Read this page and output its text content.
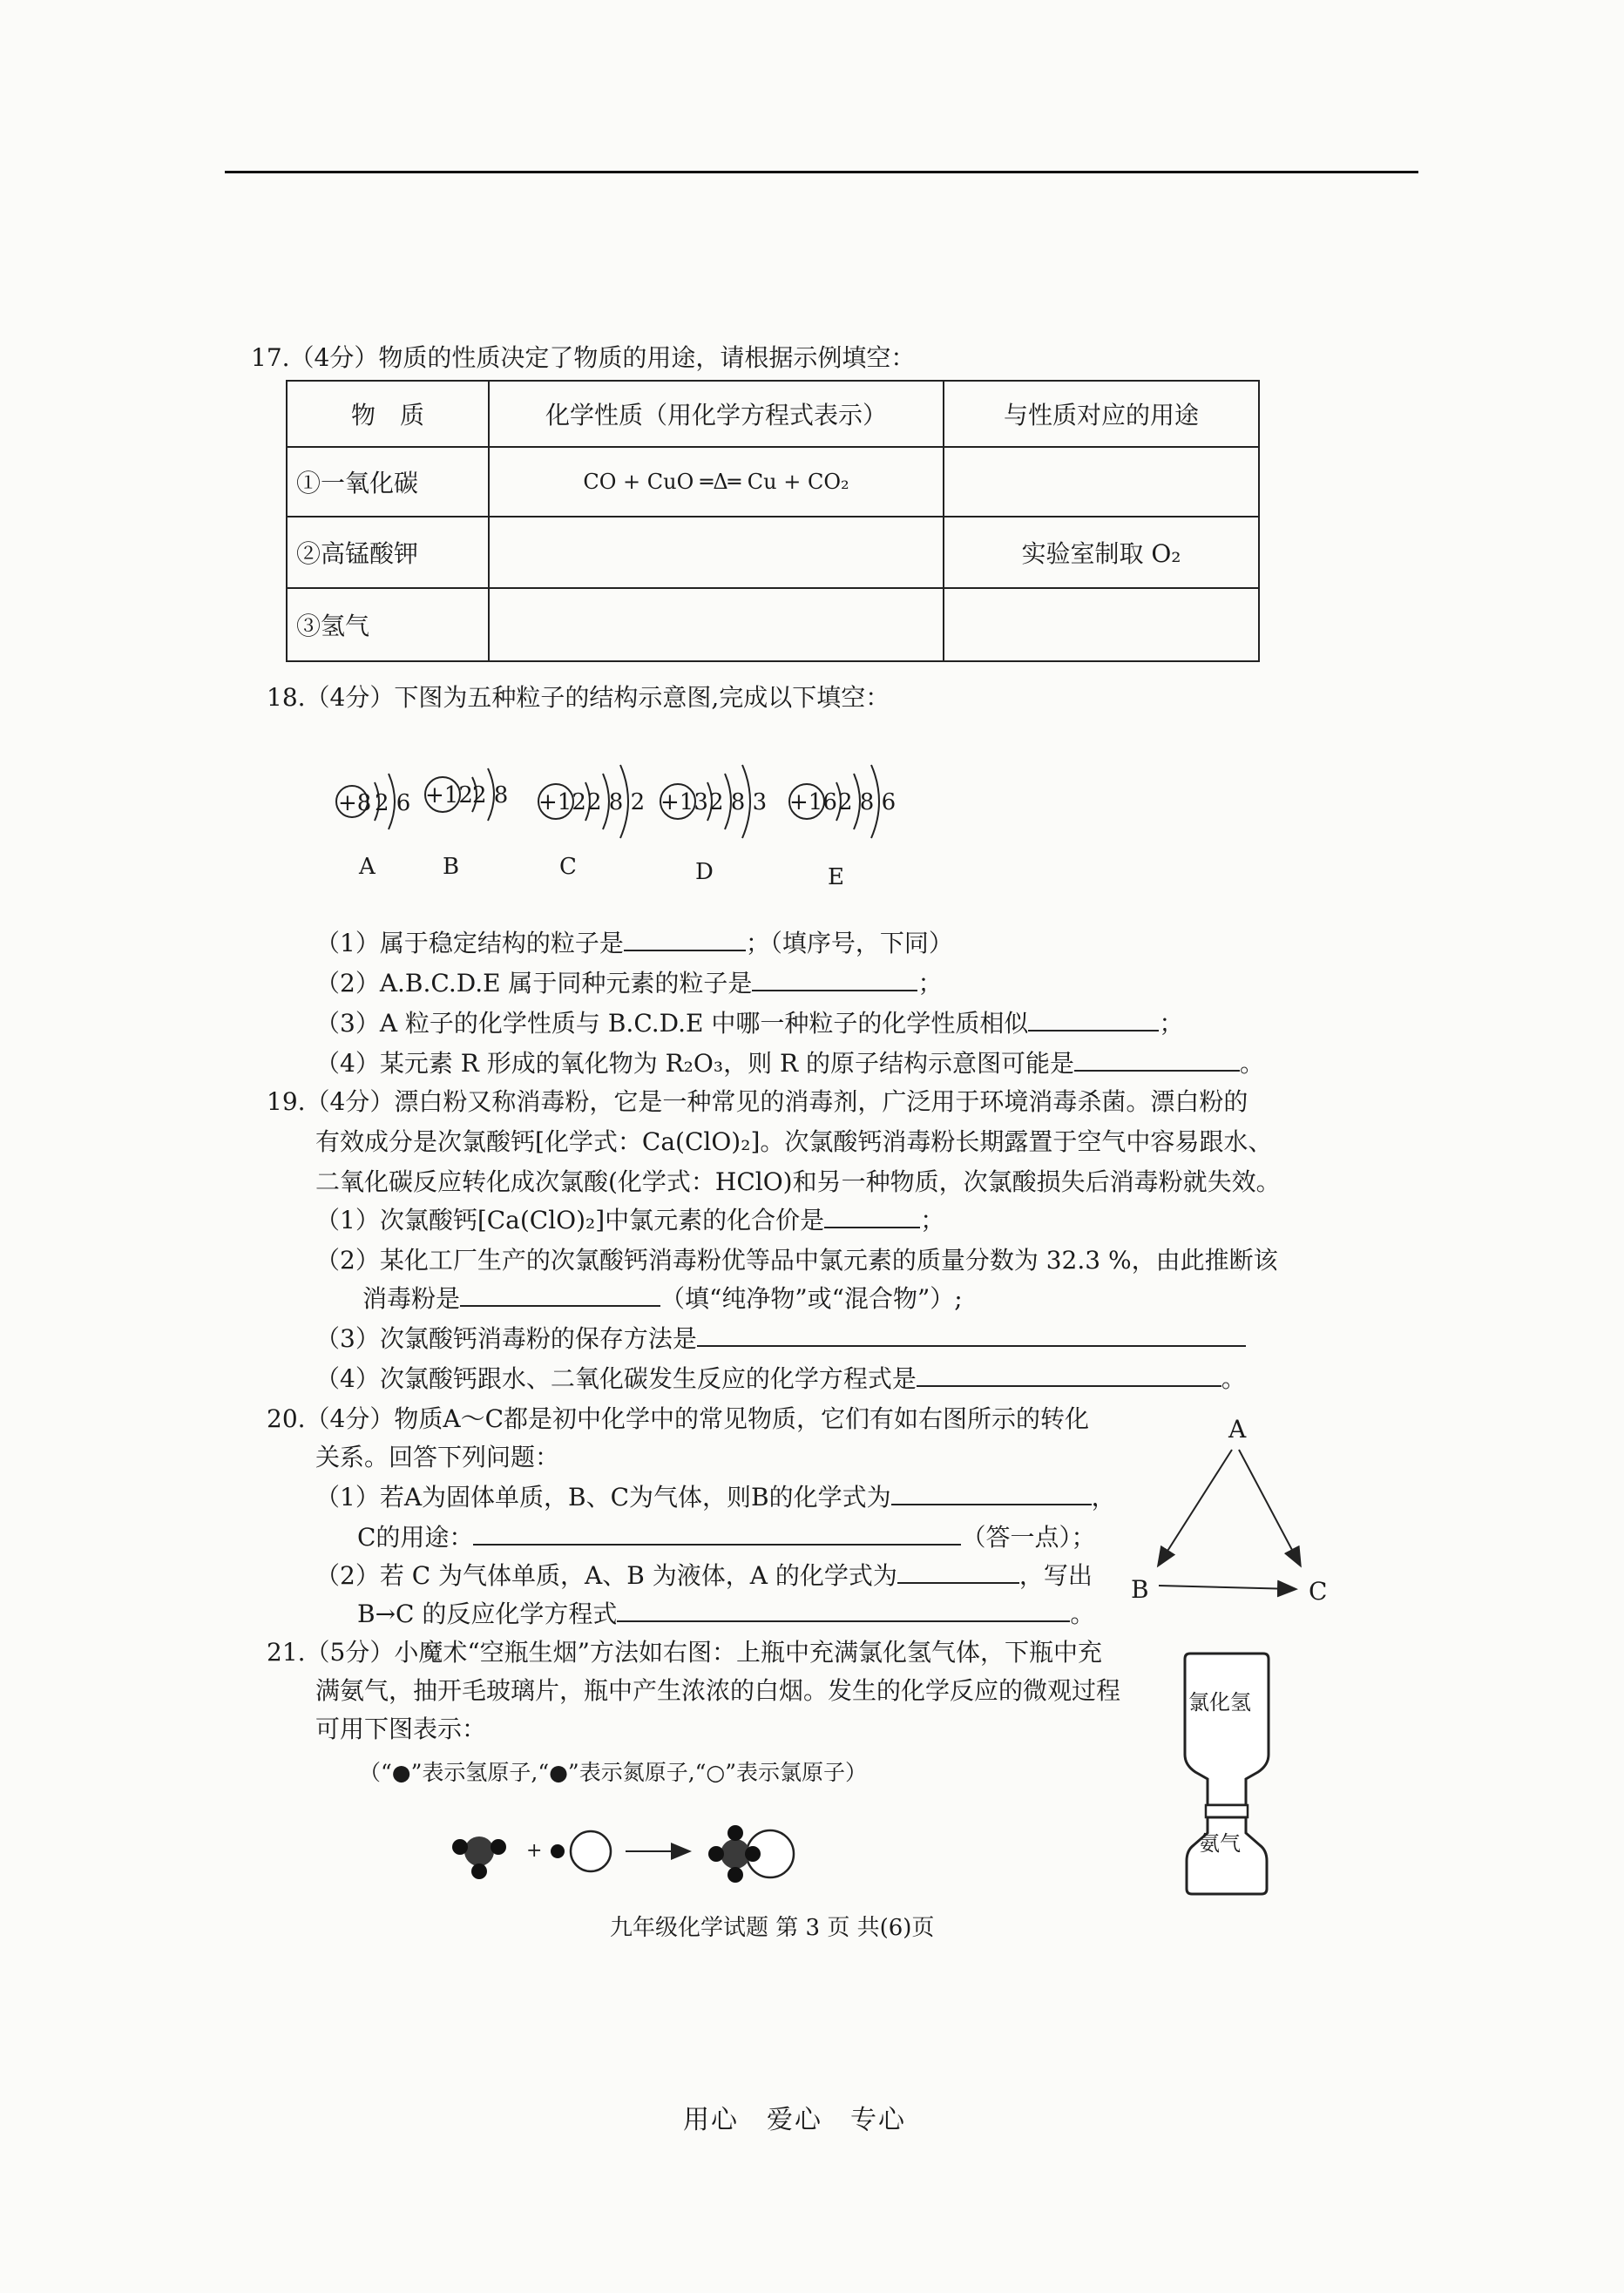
17.（4分）物质的性质决定了物质的用途，请根据示例填空：
物　质	化学性质（用化学方程式表示）	与性质对应的用途
①一氧化碳	CO + CuO ═Δ═ Cu + CO₂	
②高锰酸钾		实验室制取 O₂
③氢气		
18.（4分）下图为五种粒子的结构示意图,完成以下填空：
+8 2 6
A
+12 2 8
B
+12 2 8 2
C
+13 2 8 3
D
+16 2 8 6
E
（1）属于稳定结构的粒子是	；（填序号，下同）
（2）A.B.C.D.E 属于同种元素的粒子是	；
（3）A 粒子的化学性质与 B.C.D.E 中哪一种粒子的化学性质相似	；
（4）某元素 R 形成的氧化物为 R₂O₃，则 R 的原子结构示意图可能是	。
19.（4分）漂白粉又称消毒粉，它是一种常见的消毒剂，广泛用于环境消毒杀菌。漂白粉的
有效成分是次氯酸钙[化学式：Ca(ClO)₂]。次氯酸钙消毒粉长期露置于空气中容易跟水、
二氧化碳反应转化成次氯酸(化学式：HClO)和另一种物质，次氯酸损失后消毒粉就失效。
（1）次氯酸钙[Ca(ClO)₂]中氯元素的化合价是	；
（2）某化工厂生产的次氯酸钙消毒粉优等品中氯元素的质量分数为 32.3 %，由此推断该
消毒粉是	（填“纯净物”或“混合物”）;
（3）次氯酸钙消毒粉的保存方法是
（4）次氯酸钙跟水、二氧化碳发生反应的化学方程式是	。
20.（4分）物质A～C都是初中化学中的常见物质，它们有如右图所示的转化
关系。回答下列问题：
（1）若A为固体单质，B、C为气体，则B的化学式为	，
C的用途：	（答一点）；
（2）若 C 为气体单质，A、B 为液体，A 的化学式为	，写出
B→C 的反应化学方程式	。
A
B	C
21.（5分）小魔术“空瓶生烟”方法如右图：上瓶中充满氯化氢气体，下瓶中充
满氨气，抽开毛玻璃片，瓶中产生浓浓的白烟。发生的化学反应的微观过程
可用下图表示：
（“●”表示氢原子,“●”表示氮原子,“○”表示氯原子）
+
氯化氢
氨气
九年级化学试题 第 3 页 共(6)页
用心　爱心　专心
